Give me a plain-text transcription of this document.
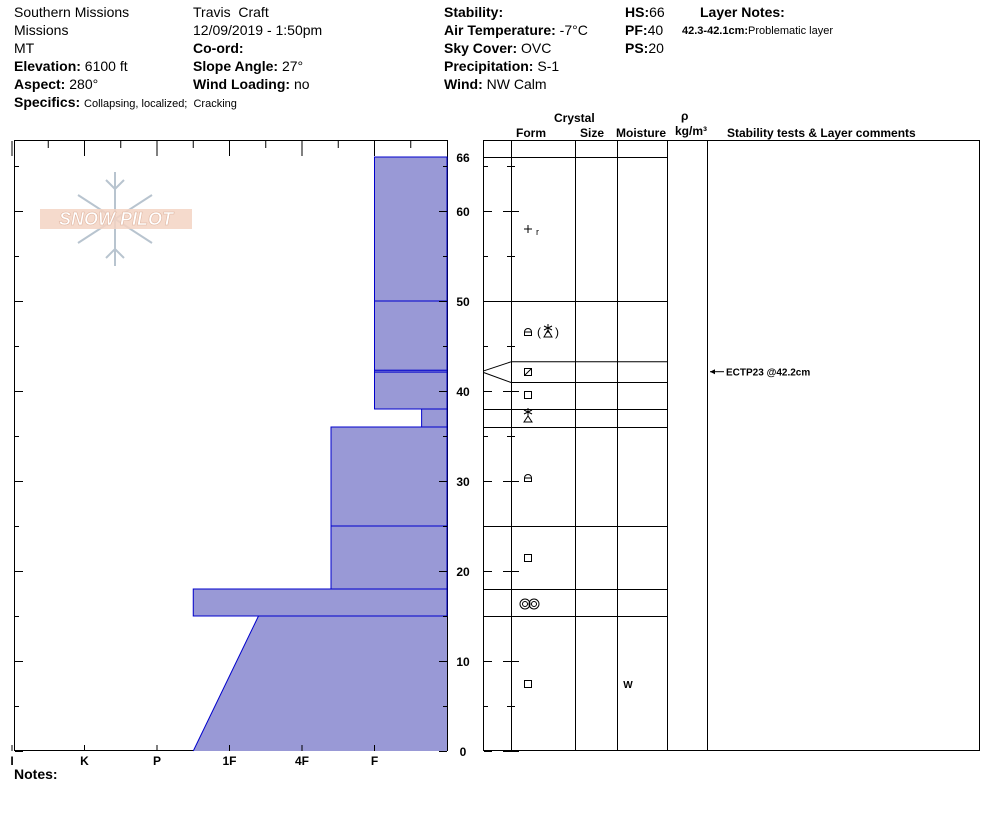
Southern Missions
Missions
MT
Elevation: 6100 ft
Aspect: 280°
Specifics: Collapsing, localized;  Cracking
Travis  Craft
12/09/2019 - 1:50pm
Co-ord:
Slope Angle: 27°
Wind Loading: no
Stability:
Air Temperature: -7°C
Sky Cover: OVC
Precipitation: S-1
Wind: NW Calm
HS:66
PF:40
PS:20
Layer Notes:
42.3-42.1cm:Problematic layer
Crystal
Form	Size Moisture
ρ
kg/m³ Stability tests & Layer comments
Notes:
SNOW PILOT
0
10
20
30
40
50
60
66
I	K	P	1F	4F	F
r
( )
W
ECTP23 @42.2cm
